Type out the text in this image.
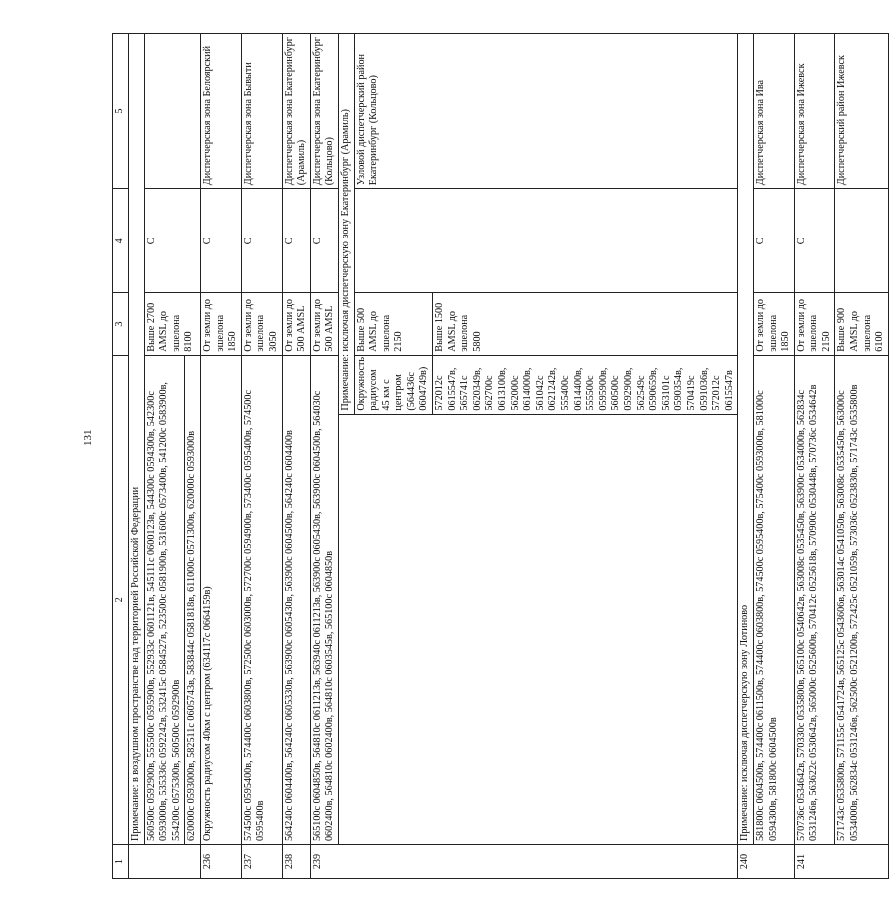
131
1	2		3	4	5
	Примечание: в воздушном пространстве над территорией Российской Федерации				
	560500с 0592900в, 555500с 0595900в, 552933с 0601121в, 545111с 0600123в, 544300с 0594300в, 542300с 0593000в, 535336с 0592242в, 532415с 0584527в, 523500с 0581900в, 531600с 0573400в, 541200с 0583900в, 554200с 0575300в, 560500с 0592900в		Выше 2700 AMSL до эшелона 8100	С	
	620000с 0593000в, 582511с 0605743в, 583844с 0581818в, 611000с 0571300в, 620000с 0593000в				
236	Окружность радиусом 40км с центром (634117с 0664159в)		От земли до эшелона 1850	С	Диспетчерская зона Белоярский
237	574500с 0595400в, 574400с 0603800в, 572500с 0603000в, 572700с 0594900в, 573400с 0595400в, 574500с 0595400в		От земли до эшелона 3050	С	Диспетчерская зона Бывыти
238	564240с 0604400в, 564240с 0605330в, 563900с 0605430в, 563900с 0604500в, 564240с 0604400в		От земли до 500 AMSL	С	Диспетчерская зона Екатеринбург (Арамиль)
239	565100с 0604850в, 564810с 0611213в, 563940с 0611213в, 563900с 0605430в, 563900с 0604500в, 564030с 0602400в, 564810с 0602400в, 564810с 0603545в, 565100с 0604850в		От земли до 500 AMSL	С	Диспетчерская зона Екатеринбург (Кольцово)
		Примечание: исключая диспетчерскую зону Екатеринбург (Арамиль)			
		Окружность радиусом 45 км с центром (564436с 0604749в)	Выше 500 AMSL до эшелона 2150		Узловой диспетчерский район Екатеринбург (Кольцово)
		572012с 0615547в, 565741с 0620349в, 562700с 0613100в, 562000с 0614000в, 561042с 0621242в, 555400с 0614400в, 555500с 0595900в, 560500с 0592900в, 562549с 0590659в, 563101с 0590354в, 570419с 0591036в, 572012с 0615547в	Выше 1500 AMSL до эшелона 5800		
240	Примечание: исключая диспетчерскую зону Лотиново				
	581800с 0604500в, 574400с 0611500в, 574400с 0603800в, 574500с 0595400в, 575400с 0593000в, 581000с 0594300в, 581800с 0604500в		От земли до эшелона 1850	С	Диспетчерская зона Ива
241	570736с 0534642в, 570330с 0535800в, 565100с 0540642в, 563008с 0535450в, 563900с 0534000в, 562834с 0531246в, 563622с 0530642в, 565000с 0525600в, 570412с 0525618в, 570900с 0530448в, 570736с 0534642в		От земли до эшелона 2150	С	Диспетчерская зона Ижевск
	571743с 0535800в, 571155с 0541724в, 565125с 0543606в, 563014с 0541050в, 563008с 0535450в, 563000с 0534000в, 562834с 0531246в, 562500с 0521200в, 572425с 0521059в, 573036с 0523830в, 571743с 0535800в		Выше 900 AMSL до эшелона 6100		Диспетчерский район Ижевск
